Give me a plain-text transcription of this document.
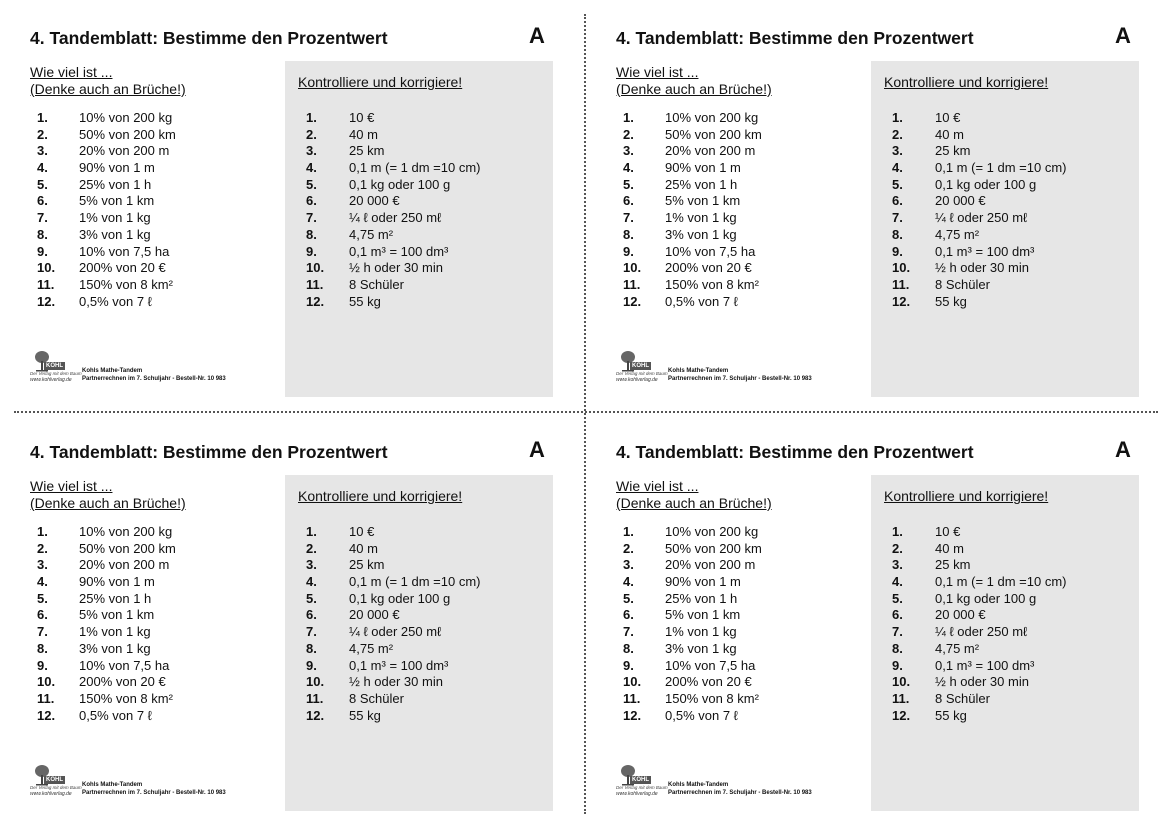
4. Tandemblatt: Bestimme den Prozentwert	A
Wie viel ist ...
(Denke auch an Brüche!)	Kontrolliere und korrigiere!
1. 10% von 200 kg
2. 50% von 200 km
3. 20% von 200 m
4. 90% von 1 m
5. 25% von 1 h
6. 5% von 1 km
7. 1% von 1 kg
8. 3% von 1 kg
9. 10% von 7,5 ha
10. 200% von 20 €
11. 150% von 8 km²
12. 0,5% von 7 ℓ
1. 10 €
2. 40 m
3. 25 km
4. 0,1 m (= 1 dm =10 cm)
5. 0,1 kg oder 100 g
6. 20 000 €
7. ¼ ℓ oder 250 mℓ
8. 4,75 m²
9. 0,1 m³ = 100 dm³
10. ½ h oder 30 min
11. 8 Schüler
12. 55 kg
KOHL
Der Verlag mit dem Baum
www.kohlverlag.de
Kohls Mathe-Tandem
Partnerrechnen im 7. Schuljahr - Bestell-Nr. 10 983
4. Tandemblatt: Bestimme den Prozentwert	A
Wie viel ist ...
(Denke auch an Brüche!)	Kontrolliere und korrigiere!
1. 10% von 200 kg
2. 50% von 200 km
3. 20% von 200 m
4. 90% von 1 m
5. 25% von 1 h
6. 5% von 1 km
7. 1% von 1 kg
8. 3% von 1 kg
9. 10% von 7,5 ha
10. 200% von 20 €
11. 150% von 8 km²
12. 0,5% von 7 ℓ
1. 10 €
2. 40 m
3. 25 km
4. 0,1 m (= 1 dm =10 cm)
5. 0,1 kg oder 100 g
6. 20 000 €
7. ¼ ℓ oder 250 mℓ
8. 4,75 m²
9. 0,1 m³ = 100 dm³
10. ½ h oder 30 min
11. 8 Schüler
12. 55 kg
KOHL
Der Verlag mit dem Baum
www.kohlverlag.de
Kohls Mathe-Tandem
Partnerrechnen im 7. Schuljahr - Bestell-Nr. 10 983
4. Tandemblatt: Bestimme den Prozentwert	A
Wie viel ist ...
(Denke auch an Brüche!)	Kontrolliere und korrigiere!
1. 10% von 200 kg
2. 50% von 200 km
3. 20% von 200 m
4. 90% von 1 m
5. 25% von 1 h
6. 5% von 1 km
7. 1% von 1 kg
8. 3% von 1 kg
9. 10% von 7,5 ha
10. 200% von 20 €
11. 150% von 8 km²
12. 0,5% von 7 ℓ
1. 10 €
2. 40 m
3. 25 km
4. 0,1 m (= 1 dm =10 cm)
5. 0,1 kg oder 100 g
6. 20 000 €
7. ¼ ℓ oder 250 mℓ
8. 4,75 m²
9. 0,1 m³ = 100 dm³
10. ½ h oder 30 min
11. 8 Schüler
12. 55 kg
KOHL
Der Verlag mit dem Baum
www.kohlverlag.de
Kohls Mathe-Tandem
Partnerrechnen im 7. Schuljahr - Bestell-Nr. 10 983
4. Tandemblatt: Bestimme den Prozentwert	A
Wie viel ist ...
(Denke auch an Brüche!)	Kontrolliere und korrigiere!
1. 10% von 200 kg
2. 50% von 200 km
3. 20% von 200 m
4. 90% von 1 m
5. 25% von 1 h
6. 5% von 1 km
7. 1% von 1 kg
8. 3% von 1 kg
9. 10% von 7,5 ha
10. 200% von 20 €
11. 150% von 8 km²
12. 0,5% von 7 ℓ
1. 10 €
2. 40 m
3. 25 km
4. 0,1 m (= 1 dm =10 cm)
5. 0,1 kg oder 100 g
6. 20 000 €
7. ¼ ℓ oder 250 mℓ
8. 4,75 m²
9. 0,1 m³ = 100 dm³
10. ½ h oder 30 min
11. 8 Schüler
12. 55 kg
KOHL
Der Verlag mit dem Baum
www.kohlverlag.de
Kohls Mathe-Tandem
Partnerrechnen im 7. Schuljahr - Bestell-Nr. 10 983
